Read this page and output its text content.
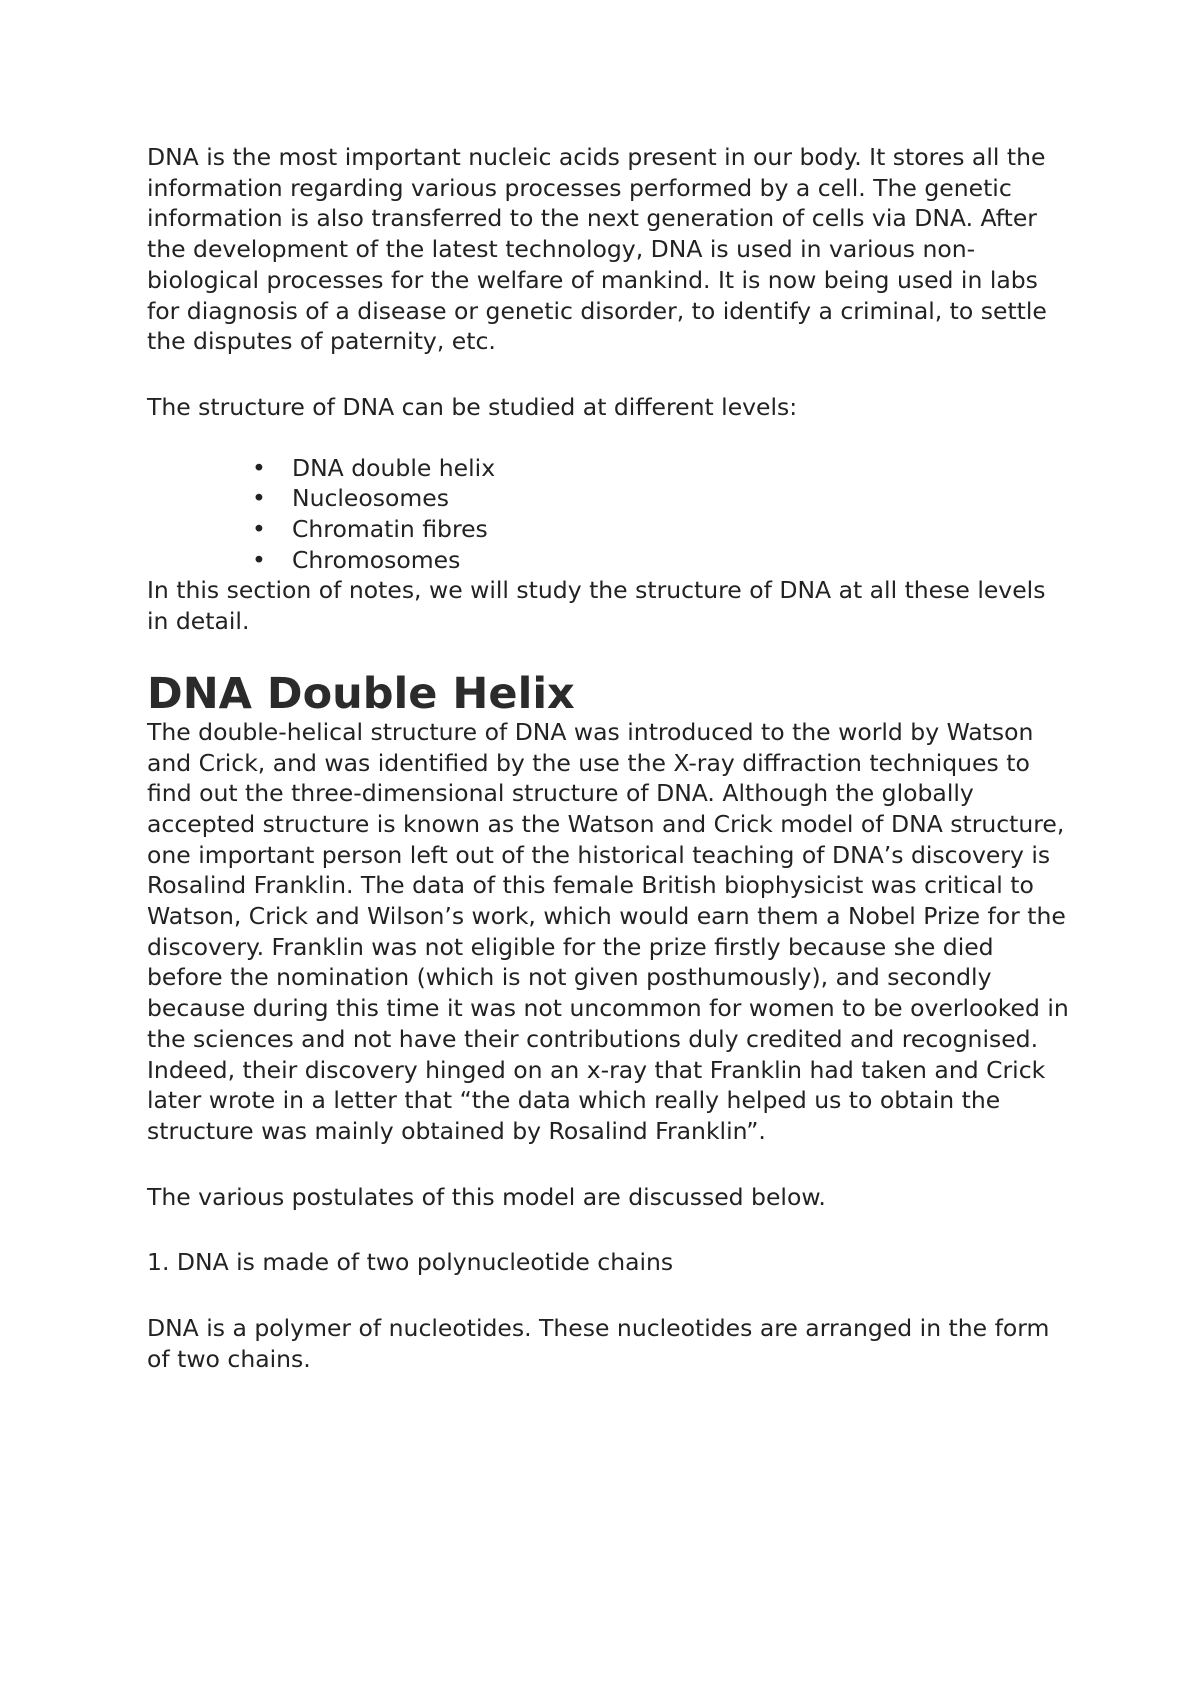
DNA is the most important nucleic acids present in our body. It stores all the information regarding various processes performed by a cell. The genetic information is also transferred to the next generation of cells via DNA. After the development of the latest technology, DNA is used in various non-biological processes for the welfare of mankind. It is now being used in labs for diagnosis of a disease or genetic disorder, to identify a criminal, to settle the disputes of paternity, etc.

The structure of DNA can be studied at different levels:

• DNA double helix
• Nucleosomes
• Chromatin fibres
• Chromosomes

In this section of notes, we will study the structure of DNA at all these levels in detail.

DNA Double Helix

The double-helical structure of DNA was introduced to the world by Watson and Crick, and was identified by the use the X-ray diffraction techniques to find out the three-dimensional structure of DNA. Although the globally accepted structure is known as the Watson and Crick model of DNA structure, one important person left out of the historical teaching of DNA’s discovery is Rosalind Franklin. The data of this female British biophysicist was critical to Watson, Crick and Wilson’s work, which would earn them a Nobel Prize for the discovery. Franklin was not eligible for the prize firstly because she died before the nomination (which is not given posthumously), and secondly because during this time it was not uncommon for women to be overlooked in the sciences and not have their contributions duly credited and recognised. Indeed, their discovery hinged on an x-ray that Franklin had taken and Crick later wrote in a letter that “the data which really helped us to obtain the structure was mainly obtained by Rosalind Franklin”.

The various postulates of this model are discussed below.

1. DNA is made of two polynucleotide chains

DNA is a polymer of nucleotides. These nucleotides are arranged in the form of two chains.
